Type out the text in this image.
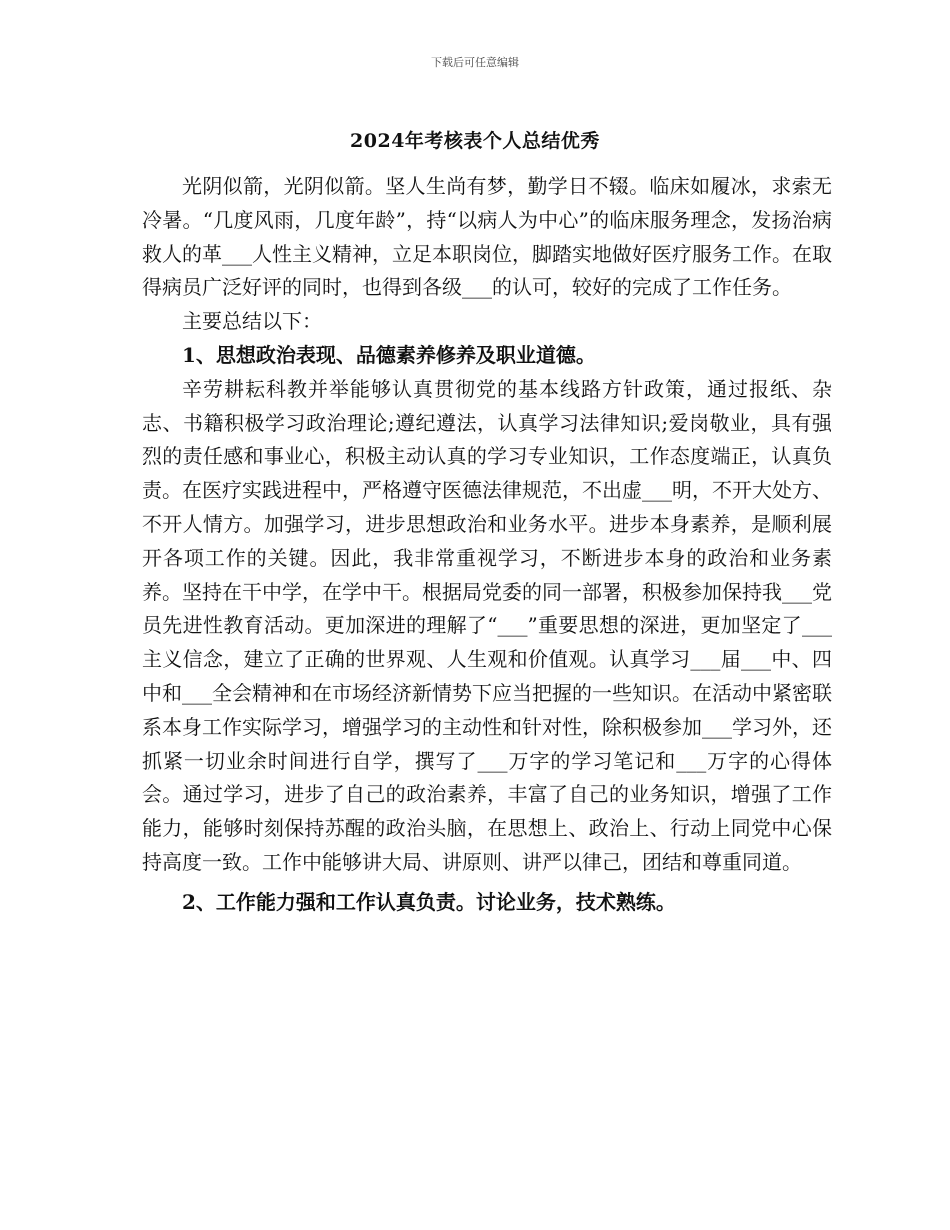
下载后可任意编辑
2024年考核表个人总结优秀

光阴似箭，光阴似箭。坚人生尚有梦，勤学日不辍。临床如履冰，求索无冷暑。“几度风雨，几度年龄”，持“以病人为中心”的临床服务理念，发扬治病救人的革___人性主义精神，立足本职岗位，脚踏实地做好医疗服务工作。在取得病员广泛好评的同时，也得到各级___的认可，较好的完成了工作任务。

主要总结以下：

1、思想政治表现、品德素养修养及职业道德。

辛劳耕耘科教并举能够认真贯彻党的基本线路方针政策，通过报纸、杂志、书籍积极学习政治理论;遵纪遵法，认真学习法律知识;爱岗敬业，具有强烈的责任感和事业心，积极主动认真的学习专业知识，工作态度端正，认真负责。在医疗实践进程中，严格遵守医德法律规范，不出虚___明，不开大处方、不开人情方。加强学习，进步思想政治和业务水平。进步本身素养，是顺利展开各项工作的关键。因此，我非常重视学习，不断进步本身的政治和业务素养。坚持在干中学，在学中干。根据局党委的同一部署，积极参加保持我___党员先进性教育活动。更加深进的理解了“___”重要思想的深进，更加坚定了___主义信念，建立了正确的世界观、人生观和价值观。认真学习___届___中、四中和___全会精神和在市场经济新情势下应当把握的一些知识。在活动中紧密联系本身工作实际学习，增强学习的主动性和针对性，除积极参加___学习外，还抓紧一切业余时间进行自学，撰写了___万字的学习笔记和___万字的心得体会。通过学习，进步了自己的政治素养，丰富了自己的业务知识，增强了工作能力，能够时刻保持苏醒的政治头脑，在思想上、政治上、行动上同党中心保持高度一致。工作中能够讲大局、讲原则、讲严以律己，团结和尊重同道。

2、工作能力强和工作认真负责。讨论业务，技术熟练。
